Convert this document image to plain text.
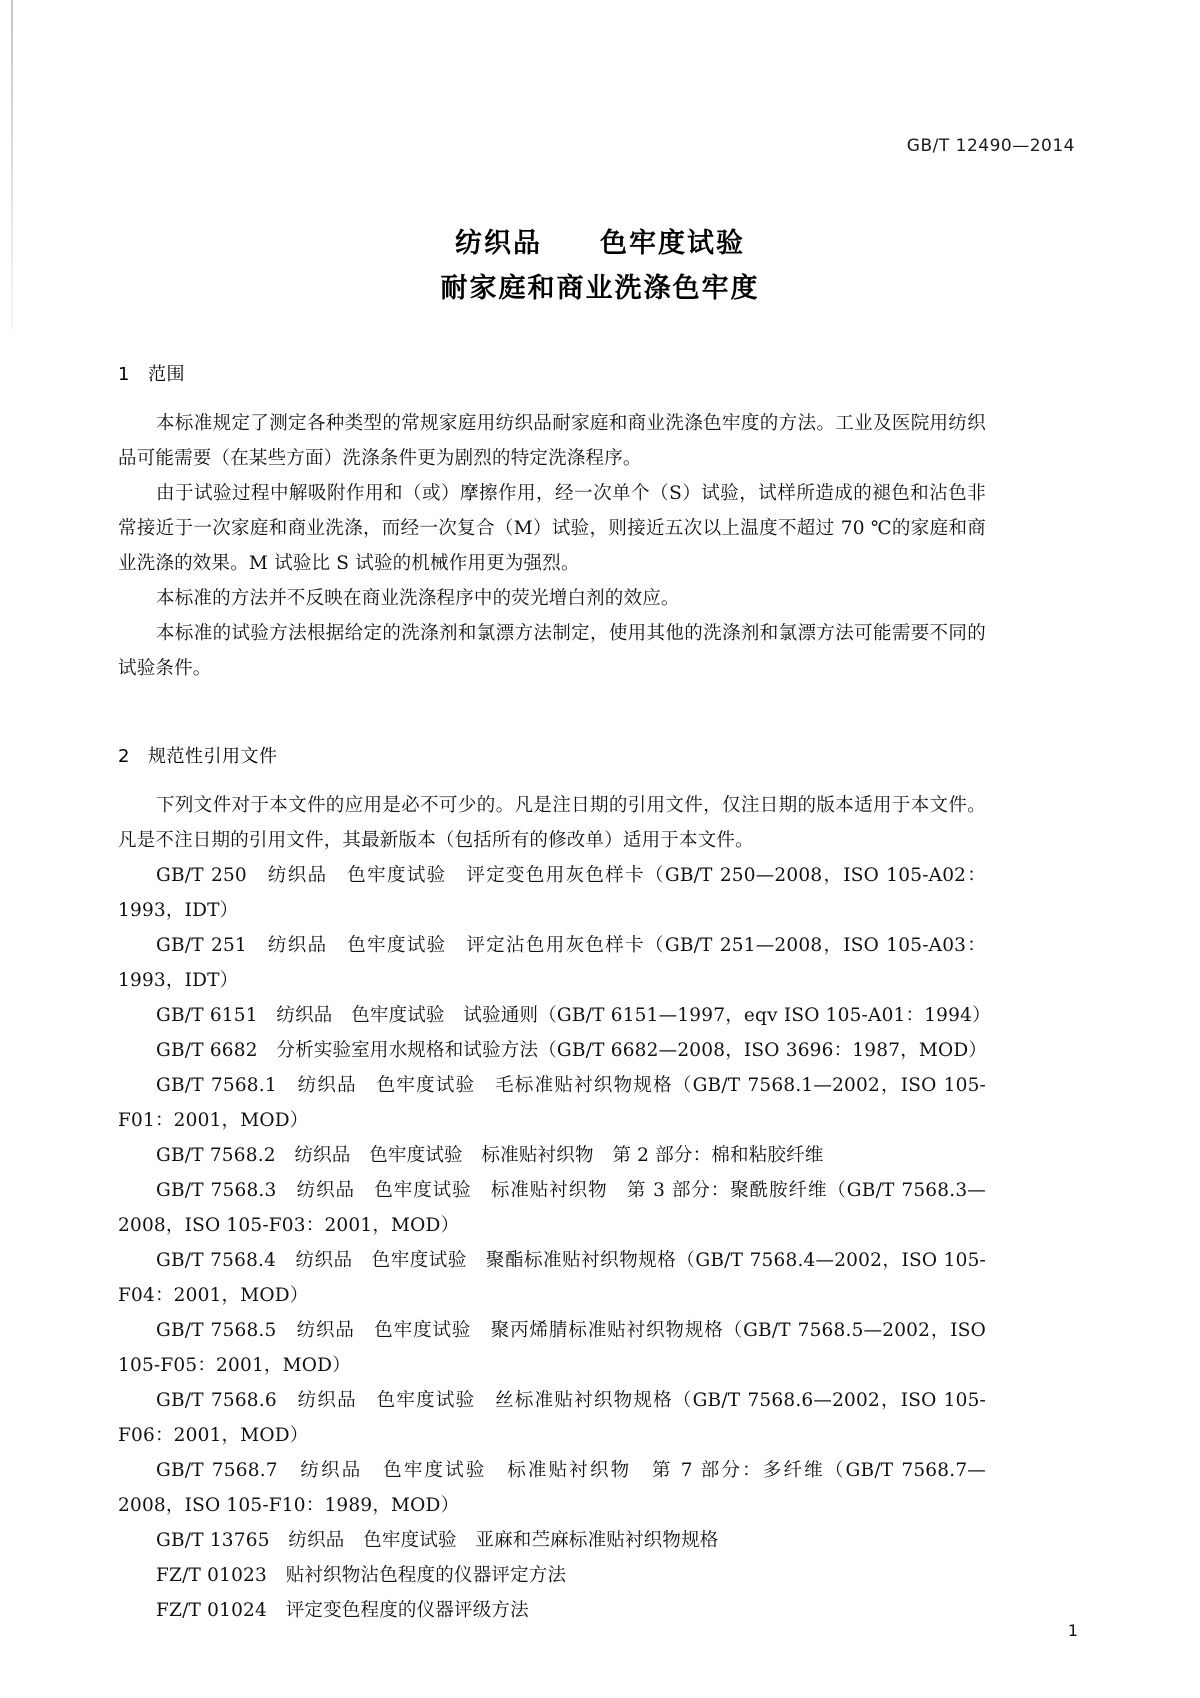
GB/T 12490—2014
纺织品　　色牢度试验
耐家庭和商业洗涤色牢度
1 范围

本标准规定了测定各种类型的常规家庭用纺织品耐家庭和商业洗涤色牢度的方法。工业及医院用纺织品可能需要（在某些方面）洗涤条件更为剧烈的特定洗涤程序。

由于试验过程中解吸附作用和（或）摩擦作用，经一次单个（S）试验，试样所造成的褪色和沾色非常接近于一次家庭和商业洗涤，而经一次复合（M）试验，则接近五次以上温度不超过 70 ℃的家庭和商业洗涤的效果。M 试验比 S 试验的机械作用更为强烈。

本标准的方法并不反映在商业洗涤程序中的荧光增白剂的效应。

本标准的试验方法根据给定的洗涤剂和氯漂方法制定，使用其他的洗涤剂和氯漂方法可能需要不同的试验条件。

2 规范性引用文件

下列文件对于本文件的应用是必不可少的。凡是注日期的引用文件，仅注日期的版本适用于本文件。凡是不注日期的引用文件，其最新版本（包括所有的修改单）适用于本文件。

GB/T 250　纺织品　色牢度试验　评定变色用灰色样卡（GB/T 250—2008，ISO 105-A02：1993，IDT）
GB/T 251　纺织品　色牢度试验　评定沾色用灰色样卡（GB/T 251—2008，ISO 105-A03：1993，IDT）
GB/T 6151　纺织品　色牢度试验　试验通则（GB/T 6151—1997，eqv ISO 105-A01：1994）
GB/T 6682　分析实验室用水规格和试验方法（GB/T 6682—2008，ISO 3696：1987，MOD）
GB/T 7568.1　纺织品　色牢度试验　毛标准贴衬织物规格（GB/T 7568.1—2002，ISO 105-F01：2001，MOD）
GB/T 7568.2　纺织品　色牢度试验　标准贴衬织物　第 2 部分：棉和粘胶纤维
GB/T 7568.3　纺织品　色牢度试验　标准贴衬织物　第 3 部分：聚酰胺纤维（GB/T 7568.3—2008，ISO 105-F03：2001，MOD）
GB/T 7568.4　纺织品　色牢度试验　聚酯标准贴衬织物规格（GB/T 7568.4—2002，ISO 105-F04：2001，MOD）
GB/T 7568.5　纺织品　色牢度试验　聚丙烯腈标准贴衬织物规格（GB/T 7568.5—2002，ISO 105-F05：2001，MOD）
GB/T 7568.6　纺织品　色牢度试验　丝标准贴衬织物规格（GB/T 7568.6—2002，ISO 105-F06：2001，MOD）
GB/T 7568.7　纺织品　色牢度试验　标准贴衬织物　第 7 部分：多纤维（GB/T 7568.7—2008，ISO 105-F10：1989，MOD）
GB/T 13765　纺织品　色牢度试验　亚麻和苎麻标准贴衬织物规格
FZ/T 01023　贴衬织物沾色程度的仪器评定方法
FZ/T 01024　评定变色程度的仪器评级方法
1
